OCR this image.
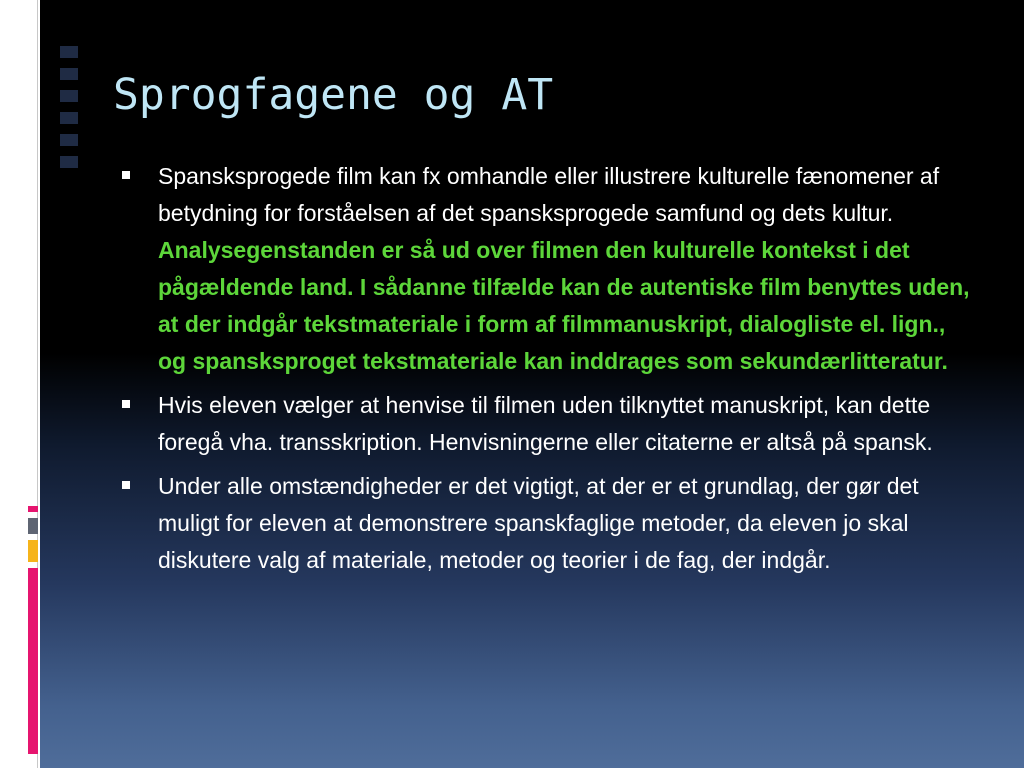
Sprogfagene og AT
Spansksprogede film kan fx omhandle eller illustrere kulturelle fænomener af betydning for forståelsen af det spansksprogede samfund og dets kultur. Analysegenstanden er så ud over filmen den kulturelle kontekst i det pågældende land. I sådanne tilfælde kan de autentiske film benyttes uden, at der indgår tekstmateriale i form af filmmanuskript, dialogliste el. lign., og spansksproget tekstmateriale kan inddrages som sekundærlitteratur.
Hvis eleven vælger at henvise til filmen uden tilknyttet manuskript, kan dette foregå vha. transskription. Henvisningerne eller citaterne er altså på spansk.
Under alle omstændigheder er det vigtigt, at der er et grundlag, der gør det muligt for eleven at demonstrere spanskfaglige metoder, da eleven jo skal diskutere valg af materiale, metoder og teorier i de fag, der indgår.
